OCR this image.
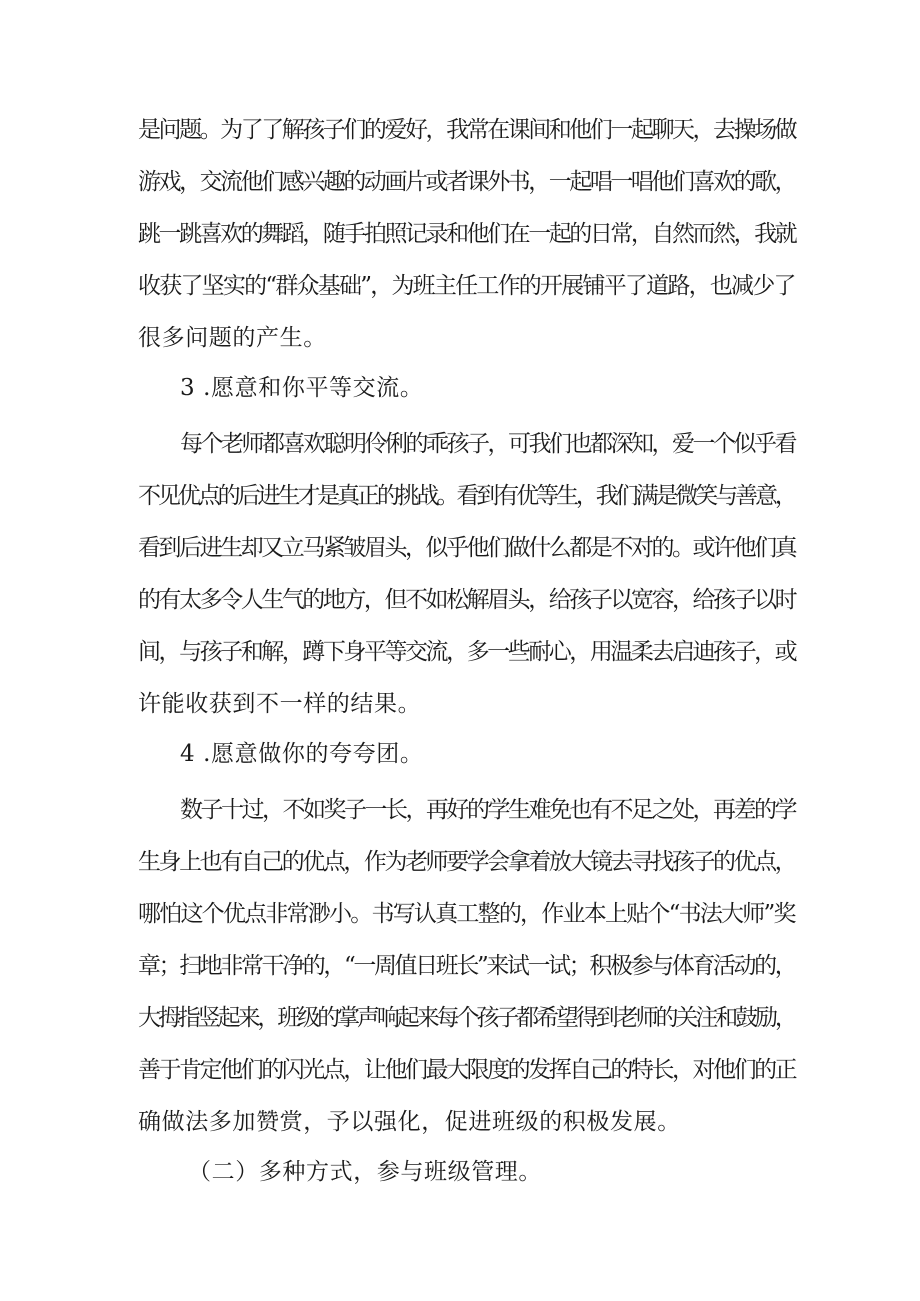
是问题。为了了解孩子们的爱好，我常在课间和他们一起聊天，去操场做
游戏，交流他们感兴趣的动画片或者课外书，一起唱一唱他们喜欢的歌，
跳一跳喜欢的舞蹈，随手拍照记录和他们在一起的日常，自然而然，我就
收获了坚实的“群众基础”，为班主任工作的开展铺平了道路，也减少了
很多问题的产生。
3 .愿意和你平等交流。
每个老师都喜欢聪明伶俐的乖孩子，可我们也都深知，爱一个似乎看
不见优点的后进生才是真正的挑战。看到有优等生，我们满是微笑与善意，
看到后进生却又立马紧皱眉头，似乎他们做什么都是不对的。或许他们真
的有太多令人生气的地方，但不如松解眉头，给孩子以宽容，给孩子以时
间，与孩子和解，蹲下身平等交流，多一些耐心，用温柔去启迪孩子，或
许能收获到不一样的结果。
4 .愿意做你的夸夸团。
数子十过，不如奖子一长，再好的学生难免也有不足之处，再差的学
生身上也有自己的优点，作为老师要学会拿着放大镜去寻找孩子的优点，
哪怕这个优点非常渺小。书写认真工整的，作业本上贴个“书法大师”奖
章；扫地非常干净的，“一周值日班长”来试一试；积极参与体育活动的，
大拇指竖起来，班级的掌声响起来每个孩子都希望得到老师的关注和鼓励，
善于肯定他们的闪光点，让他们最大限度的发挥自己的特长，对他们的正
确做法多加赞赏，予以强化，促进班级的积极发展。
（二）多种方式，参与班级管理。
